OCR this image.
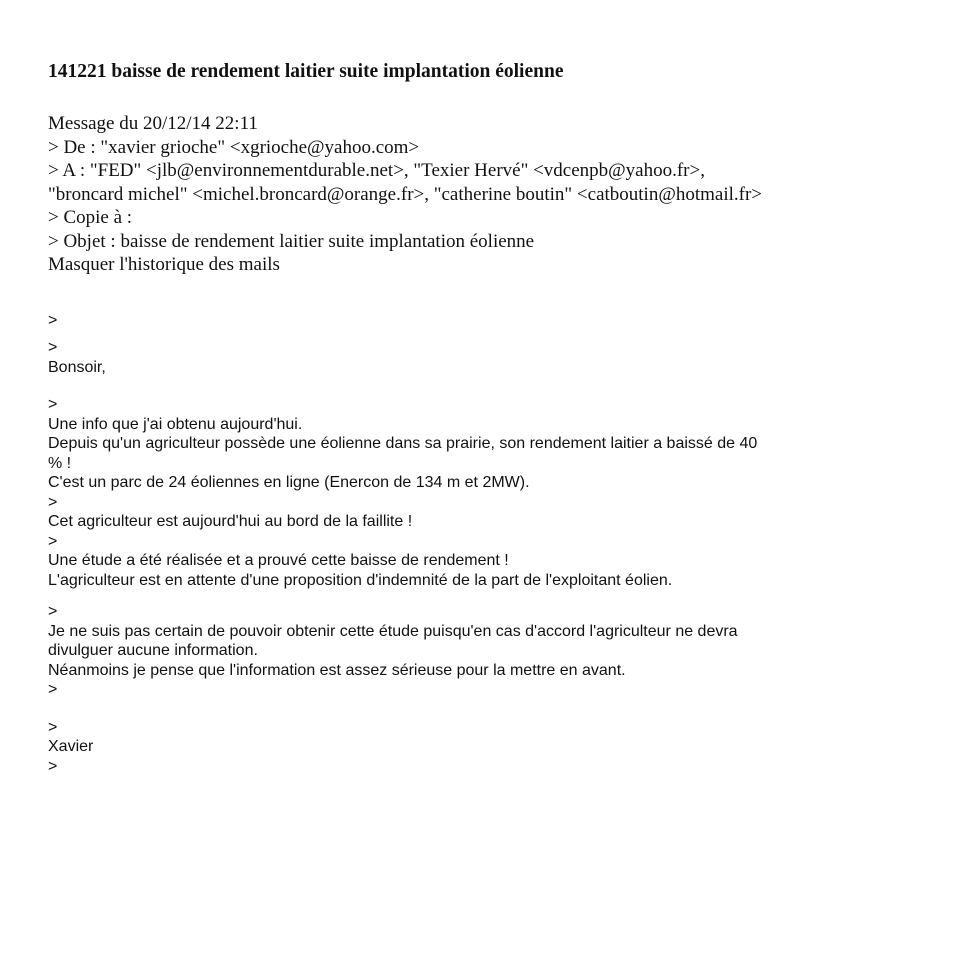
141221 baisse de rendement laitier suite implantation éolienne
Message du 20/12/14 22:11
> De : "xavier grioche" <xgrioche@yahoo.com>
> A : "FED" <jlb@environnementdurable.net>, "Texier Hervé" <vdcenpb@yahoo.fr>,
"broncard michel" <michel.broncard@orange.fr>, "catherine boutin" <catboutin@hotmail.fr>
> Copie à :
> Objet : baisse de rendement laitier suite implantation éolienne
Masquer l'historique des mails
>
>
Bonsoir,
>
Une info que j'ai obtenu aujourd'hui.
Depuis qu'un agriculteur possède une éolienne dans sa prairie, son rendement laitier a baissé de 40
% !
C'est un parc de 24 éoliennes en ligne (Enercon de 134 m et 2MW).
>
Cet agriculteur est aujourd'hui au bord de la faillite !
>
Une étude a été réalisée et a prouvé cette baisse de rendement !
L'agriculteur est en attente d'une proposition d'indemnité de la part de l'exploitant éolien.
>
Je ne suis pas certain de pouvoir obtenir cette étude puisqu'en cas d'accord l'agriculteur ne devra
divulguer aucune information.
Néanmoins je pense que l'information est assez sérieuse pour la mettre en avant.
>
>
Xavier
>
